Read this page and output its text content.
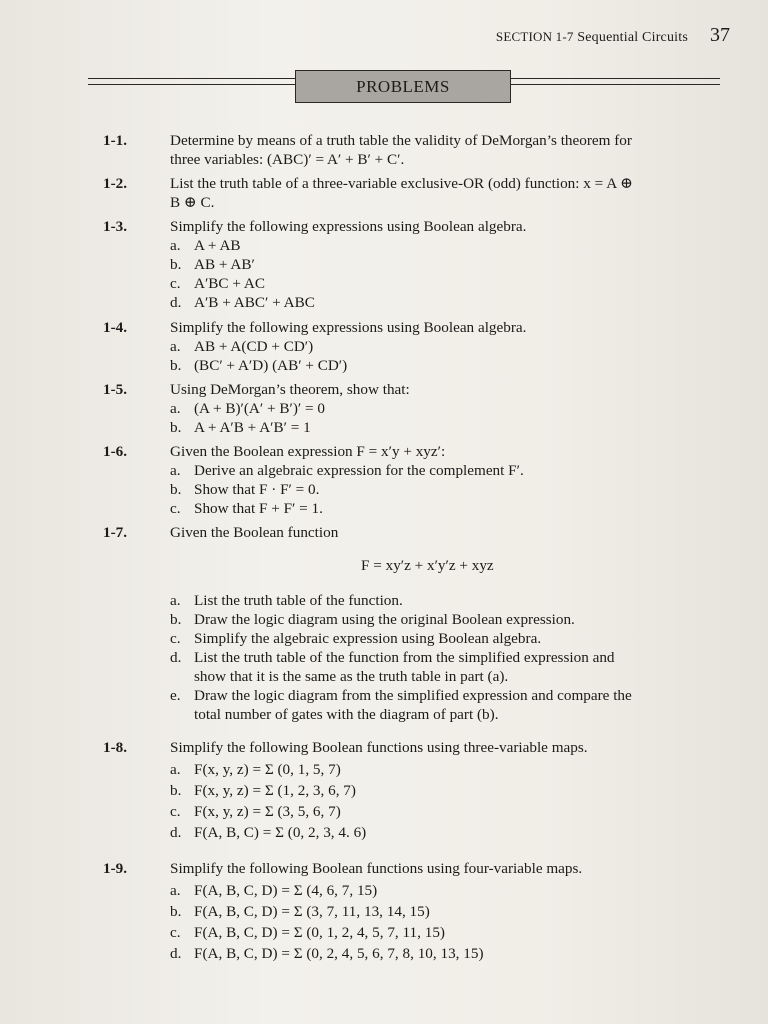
SECTION 1-7 Sequential Circuits 37
PROBLEMS
1-1.	Determine by means of a truth table the validity of DeMorgan’s theorem for
three variables: (ABC)′ = A′ + B′ + C′.
1-2.	List the truth table of a three-variable exclusive-OR (odd) function: x = A ⊕
B ⊕ C.
1-3.	Simplify the following expressions using Boolean algebra.
a. A + AB
b. AB + AB′
c. A′BC + AC
d. A′B + ABC′ + ABC
1-4.	Simplify the following expressions using Boolean algebra.
a. AB + A(CD + CD′)
b. (BC′ + A′D) (AB′ + CD′)
1-5.	Using DeMorgan’s theorem, show that:
a. (A + B)′(A′ + B′)′ = 0
b. A + A′B + A′B′ = 1
1-6.	Given the Boolean expression F = x′y + xyz′:
a. Derive an algebraic expression for the complement F′.
b. Show that F · F′ = 0.
c. Show that F + F′ = 1.
1-7.	Given the Boolean function
F = xy′z + x′y′z + xyz
a. List the truth table of the function.
b. Draw the logic diagram using the original Boolean expression.
c. Simplify the algebraic expression using Boolean algebra.
d. List the truth table of the function from the simplified expression and
show that it is the same as the truth table in part (a).
e. Draw the logic diagram from the simplified expression and compare the
total number of gates with the diagram of part (b).
1-8.	Simplify the following Boolean functions using three-variable maps.
a. F(x, y, z) = Σ (0, 1, 5, 7)
b. F(x, y, z) = Σ (1, 2, 3, 6, 7)
c. F(x, y, z) = Σ (3, 5, 6, 7)
d. F(A, B, C) = Σ (0, 2, 3, 4. 6)
1-9.	Simplify the following Boolean functions using four-variable maps.
a. F(A, B, C, D) = Σ (4, 6, 7, 15)
b. F(A, B, C, D) = Σ (3, 7, 11, 13, 14, 15)
c. F(A, B, C, D) = Σ (0, 1, 2, 4, 5, 7, 11, 15)
d. F(A, B, C, D) = Σ (0, 2, 4, 5, 6, 7, 8, 10, 13, 15)
